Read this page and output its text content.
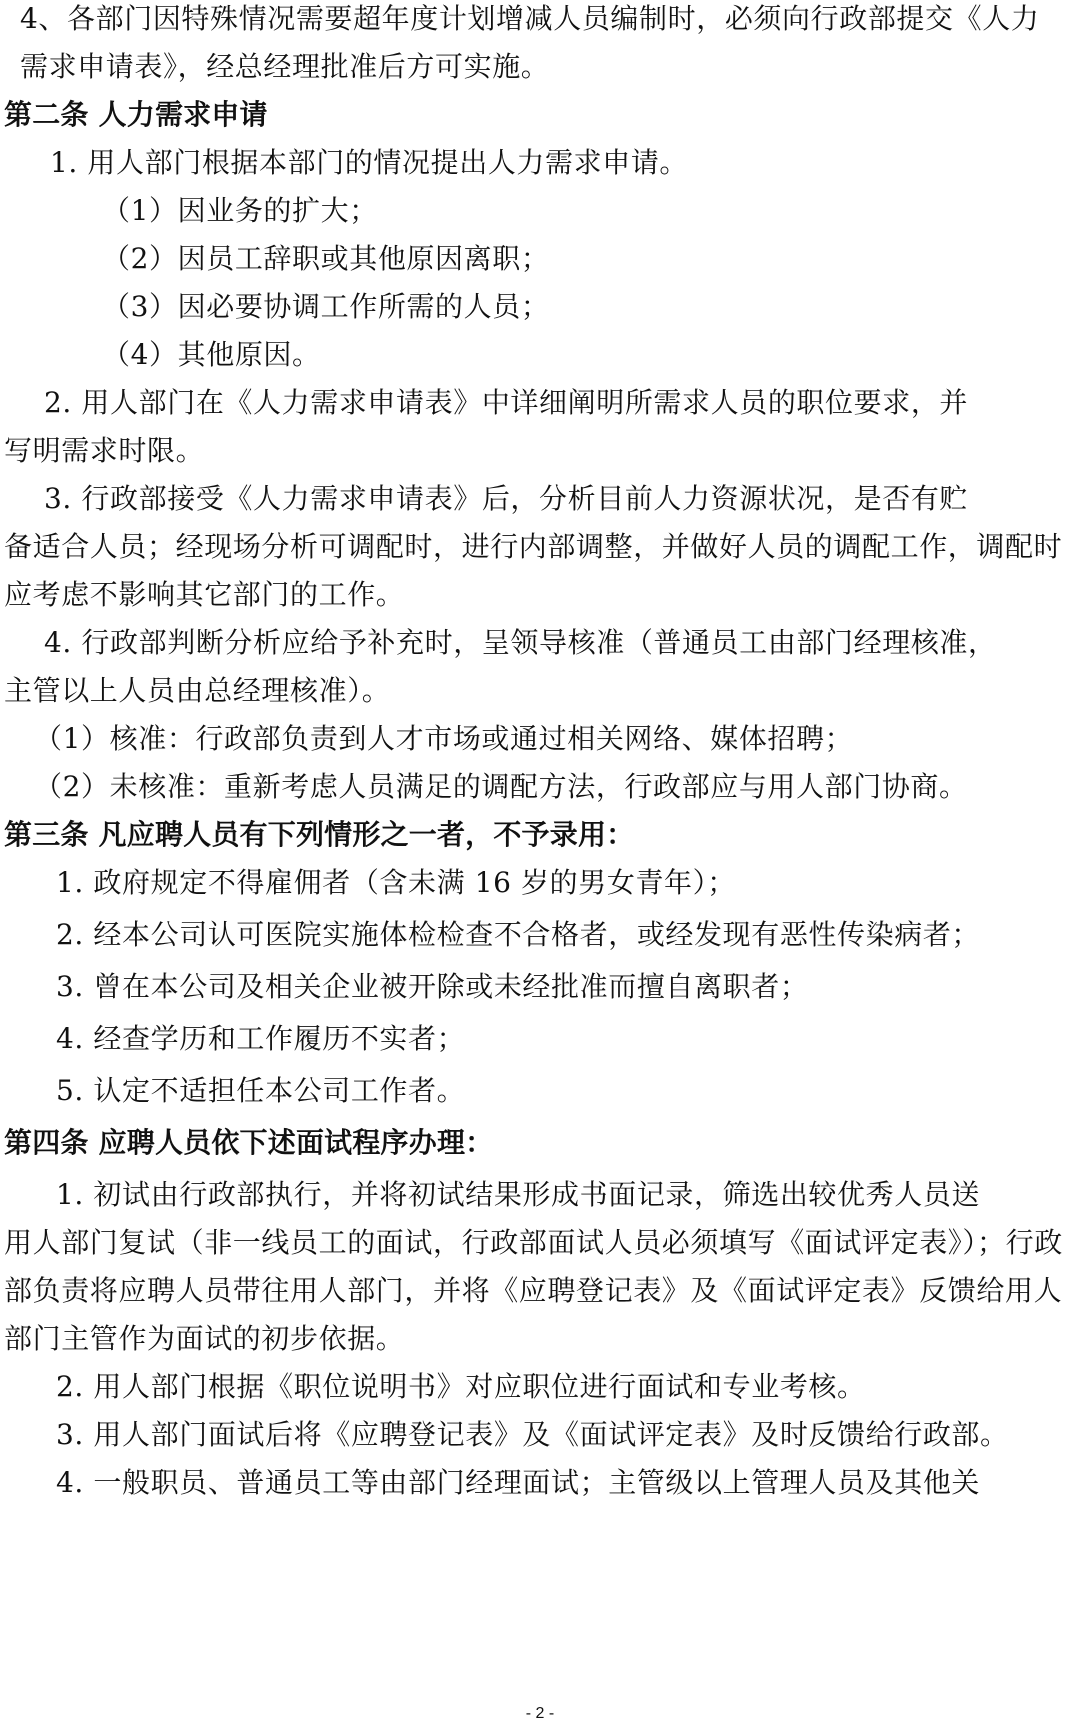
4、各部门因特殊情况需要超年度计划增减人员编制时，必须向行政部提交《人力
需求申请表》，经总经理批准后方可实施。
第二条 人力需求申请
1. 用人部门根据本部门的情况提出人力需求申请。
（1）因业务的扩大；
（2）因员工辞职或其他原因离职；
（3）因必要协调工作所需的人员；
（4）其他原因。
2. 用人部门在《人力需求申请表》中详细阐明所需求人员的职位要求，并
写明需求时限。
3. 行政部接受《人力需求申请表》后，分析目前人力资源状况，是否有贮
备适合人员；经现场分析可调配时，进行内部调整，并做好人员的调配工作，调配时
应考虑不影响其它部门的工作。
4. 行政部判断分析应给予补充时，呈领导核准（普通员工由部门经理核准，
主管以上人员由总经理核准）。
（1）核准：行政部负责到人才市场或通过相关网络、媒体招聘；
（2）未核准：重新考虑人员满足的调配方法，行政部应与用人部门协商。
第三条 凡应聘人员有下列情形之一者，不予录用：
1. 政府规定不得雇佣者（含未满 16 岁的男女青年）；
2. 经本公司认可医院实施体检检查不合格者，或经发现有恶性传染病者；
3. 曾在本公司及相关企业被开除或未经批准而擅自离职者；
4. 经查学历和工作履历不实者；
5. 认定不适担任本公司工作者。
第四条 应聘人员依下述面试程序办理：
1. 初试由行政部执行，并将初试结果形成书面记录，筛选出较优秀人员送
用人部门复试（非一线员工的面试，行政部面试人员必须填写《面试评定表》）；行政
部负责将应聘人员带往用人部门，并将《应聘登记表》及《面试评定表》反馈给用人
部门主管作为面试的初步依据。
2. 用人部门根据《职位说明书》对应职位进行面试和专业考核。
3. 用人部门面试后将《应聘登记表》及《面试评定表》及时反馈给行政部。
4. 一般职员、普通员工等由部门经理面试；主管级以上管理人员及其他关
- 2 -
